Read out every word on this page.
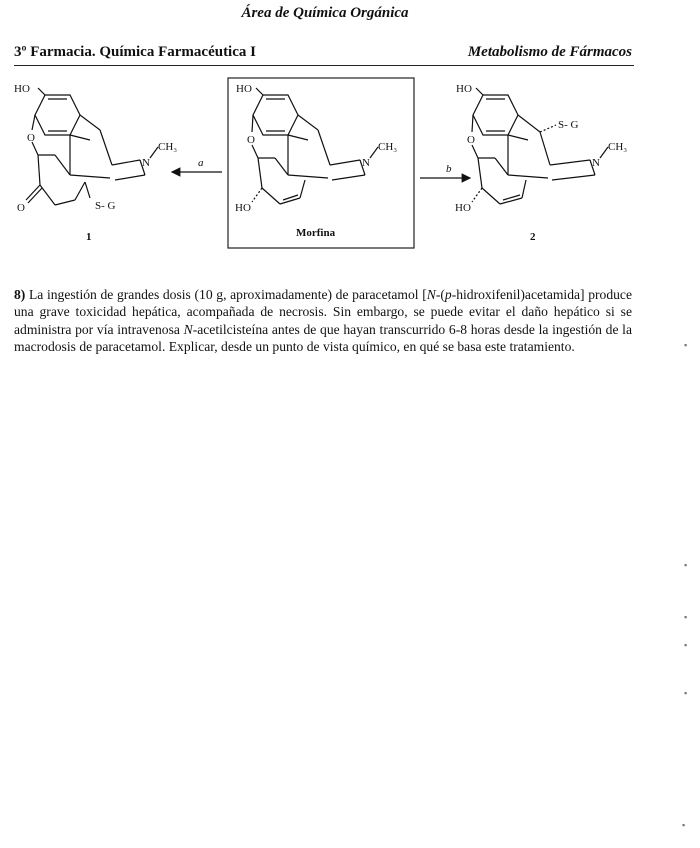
Área de Química Orgánica
3º Farmacia. Química Farmacéutica I	Metabolismo de Fármacos
HO
O
O
N
CH₃
S- G
1
a
HO
O
HO
N
CH₃
Morfina
b
HO
O
HO
S- G
N
CH₃
2
8) La ingestión de grandes dosis (10 g, aproximadamente) de paracetamol [N-(p-hidroxifenil)acetamida] produce una grave toxicidad hepática, acompañada de necrosis. Sin embargo, se puede evitar el daño hepático si se administra por vía intravenosa N-acetilcisteína antes de que hayan transcurrido 6-8 horas desde la ingestión de la macrodosis de paracetamol. Explicar, desde un punto de vista químico, en qué se basa este tratamiento.	▪
▪
▪
▪
▪
▪
